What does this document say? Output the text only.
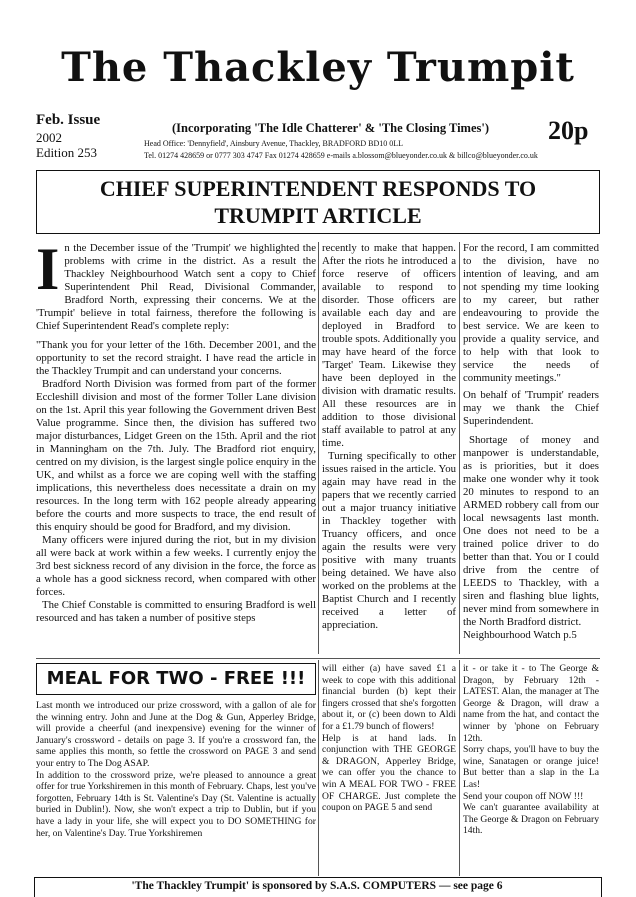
The Thackley Trumpit
Feb. Issue
2002
Edition 253
(Incorporating 'The Idle Chatterer' & 'The Closing Times') 20p
Head Office: 'Dennyfield', Ainsbury Avenue, Thackley, BRADFORD BD10 0LL
Tel. 01274 428659 or 0777 303 4747 Fax 01274 428659 e-mails a.blossom@blueyonder.co.uk & billco@blueyonder.co.uk
CHIEF SUPERINTENDENT RESPONDS TO
TRUMPIT ARTICLE
I n the December issue of the 'Trumpit' we highlighted the problems with crime in the district. As a result the Thackley Neighbourhood Watch sent a copy to Chief Superintendent Phil Read, Divisional Commander, Bradford North, expressing their concerns. We at the 'Trumpit' believe in total fairness, therefore the following is Chief Superintendent Read's complete reply:

"Thank you for your letter of the 16th. December 2001, and the opportunity to set the record straight. I have read the article in the Thackley Trumpit and can understand your concerns.

Bradford North Division was formed from part of the former Eccleshill division and most of the former Toller Lane division on the 1st. April this year following the Government driven Best Value programme. Since then, the division has suffered two major disturbances, Lidget Green on the 15th. April and the riot in Manningham on the 7th. July. The Bradford riot enquiry, centred on my division, is the largest single police enquiry in the UK, and whilst as a force we are coping well with the staffing implications, this nevertheless does necessitate a drain on my resources. In the long term with 162 people already appearing before the courts and more suspects to trace, the end result of this enquiry should be good for Bradford, and my division.

Many officers were injured during the riot, but in my division all were back at work within a few weeks. I currently enjoy the 3rd best sickness record of any division in the force, the force as a whole has a good sickness record, when compared with other forces.

The Chief Constable is committed to ensuring Bradford is well resourced and has taken a number of positive steps

recently to make that happen. After the riots he introduced a force reserve of officers available to respond to disorder. Those officers are available each day and are deployed in Bradford to trouble spots. Additionally you may have heard of the force 'Target' Team. Likewise they have been deployed in the division with dramatic results. All these resources are in addition to those divisional staff available to patrol at any time.

Turning specifically to other issues raised in the article. You again may have read in the papers that we recently carried out a major truancy initiative in Thackley together with Truancy officers, and once again the results were very positive with many truants being detained. We have also worked on the problems at the Baptist Church and I recently received a letter of appreciation.

For the record, I am committed to the division, have no intention of leaving, and am not spending my time looking to my career, but rather endeavouring to provide the best service. We are keen to provide a quality service, and to help with that look to service the needs of community meetings."

On behalf of 'Trumpit' readers may we thank the Chief Superindendent.

Shortage of money and manpower is understandable, as is priorities, but it does make one wonder why it took 20 minutes to respond to an ARMED robbery call from our local newsagents last month. One does not need to be a trained police driver to do better than that. You or I could drive from the centre of LEEDS to Thackley, with a siren and flashing blue lights, never mind from somewhere in the North Bradford district.

Neighbourhood Watch p.5

MEAL FOR TWO - FREE !!!

Last month we introduced our prize crossword, with a gallon of ale for the winning entry. John and June at the Dog & Gun, Apperley Bridge, will provide a cheerful (and inexpensive) evening for the winner of January's crossword - details on page 3. If you're a crossword fan, the same applies this month, so fettle the crossword on PAGE 3 and send your entry to The Dog ASAP.

In addition to the crossword prize, we're pleased to announce a great offer for true Yorkshiremen in this month of February. Chaps, lest you've forgotten, February 14th is St. Valentine's Day (St. Valentine is actually buried in Dublin!). Now, she won't expect a trip to Dublin, but if you have a lady in your life, she will expect you to DO SOMETHING for her, on Valentine's Day. True Yorkshiremen

will either (a) have saved £1 a week to cope with this additional financial burden (b) kept their fingers crossed that she's forgotten about it, or (c) been down to Aldi for a £1.79 bunch of flowers!

Help is at hand lads. In conjunction with THE GEORGE & DRAGON, Apperley Bridge, we can offer you the chance to win A MEAL FOR TWO - FREE OF CHARGE. Just complete the coupon on PAGE 5 and send

it - or take it - to The George & Dragon, by February 12th - LATEST. Alan, the manager at The George & Dragon, will draw a name from the hat, and contact the winner by 'phone on February 12th.

Sorry chaps, you'll have to buy the wine, Sanatagen or orange juice! But better than a slap in the La Las!

Send your coupon off NOW !!!

We can't guarantee availability at The George & Dragon on February 14th.

'The Thackley Trumpit' is sponsored by S.A.S. COMPUTERS — see page 6
